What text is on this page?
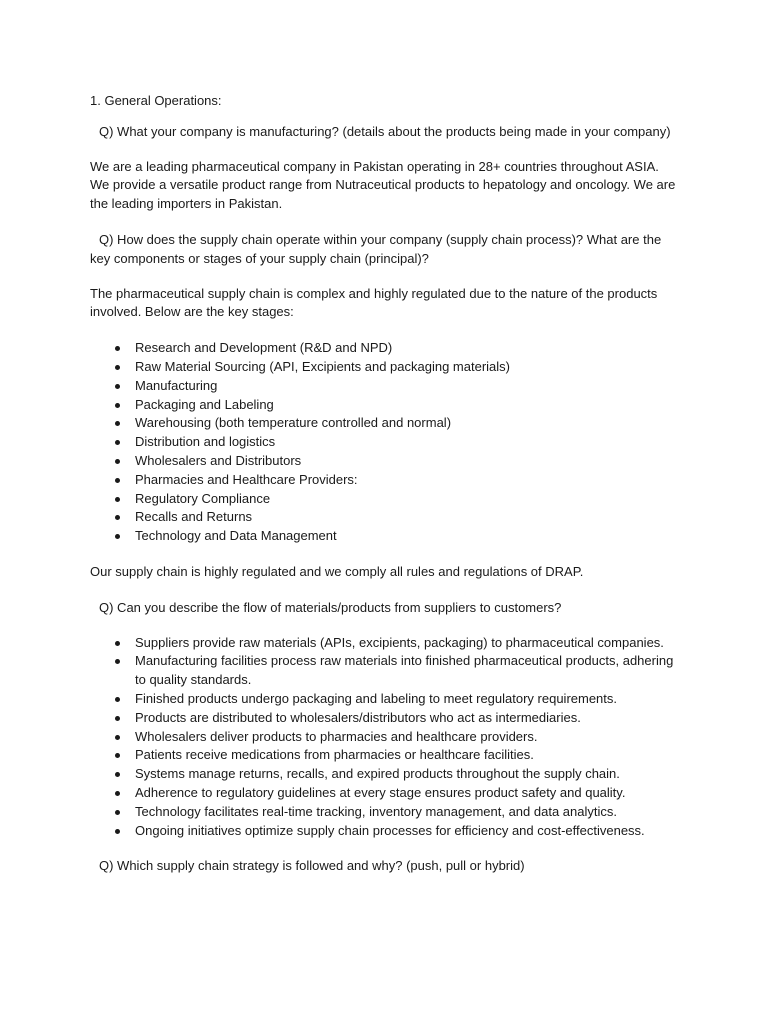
1. General Operations:

Q) What your company is manufacturing? (details about the products being made in your company)

We are a leading pharmaceutical company in Pakistan operating in 28+ countries throughout ASIA. We provide a versatile product range from Nutraceutical products to hepatology and oncology. We are the leading importers in Pakistan.

Q) How does the supply chain operate within your company (supply chain process)? What are the key components or stages of your supply chain (principal)?

The pharmaceutical supply chain is complex and highly regulated due to the nature of the products involved. Below are the key stages:

Research and Development (R&D and NPD)
Raw Material Sourcing (API, Excipients and packaging materials)
Manufacturing
Packaging and Labeling
Warehousing (both temperature controlled and normal)
Distribution and logistics
Wholesalers and Distributors
Pharmacies and Healthcare Providers:
Regulatory Compliance
Recalls and Returns
Technology and Data Management

Our supply chain is highly regulated and we comply all rules and regulations of DRAP.

Q) Can you describe the flow of materials/products from suppliers to customers?

Suppliers provide raw materials (APIs, excipients, packaging) to pharmaceutical companies.
Manufacturing facilities process raw materials into finished pharmaceutical products, adhering to quality standards.
Finished products undergo packaging and labeling to meet regulatory requirements.
Products are distributed to wholesalers/distributors who act as intermediaries.
Wholesalers deliver products to pharmacies and healthcare providers.
Patients receive medications from pharmacies or healthcare facilities.
Systems manage returns, recalls, and expired products throughout the supply chain.
Adherence to regulatory guidelines at every stage ensures product safety and quality.
Technology facilitates real-time tracking, inventory management, and data analytics.
Ongoing initiatives optimize supply chain processes for efficiency and cost-effectiveness.

Q) Which supply chain strategy is followed and why? (push, pull or hybrid)
